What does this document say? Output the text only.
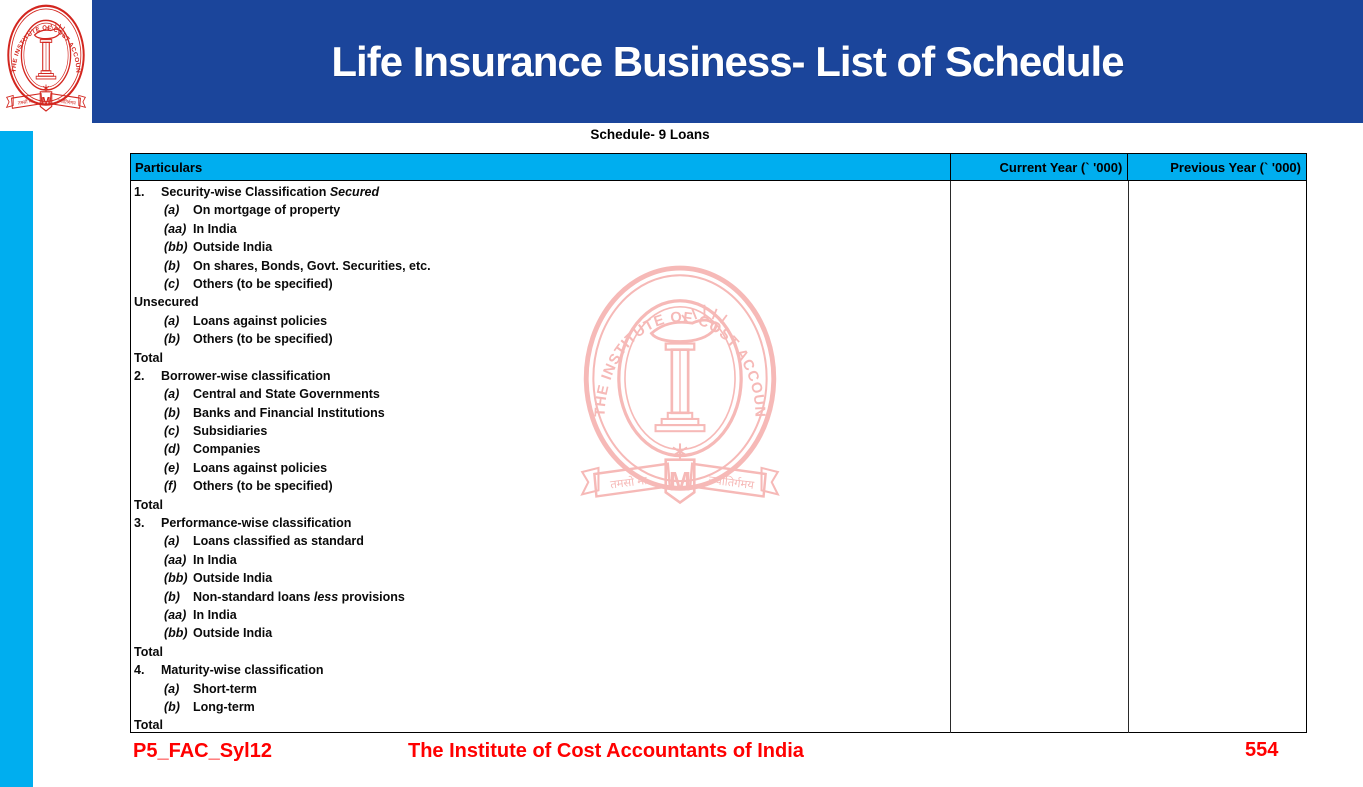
Life Insurance Business- List of Schedule
Schedule- 9 Loans
Particulars	Current Year (` '000)	Previous Year (` '000)
1. Security-wise Classification Secured
(a) On mortgage of property
(aa) In India
(bb) Outside India
(b) On shares, Bonds, Govt. Securities, etc.
(c) Others (to be specified)
Unsecured
(a) Loans against policies
(b) Others (to be specified)
Total
2. Borrower-wise classification
(a) Central and State Governments
(b) Banks and Financial Institutions
(c) Subsidiaries
(d) Companies
(e) Loans against policies
(f) Others (to be specified)
Total
3. Performance-wise classification
(a) Loans classified as standard
(aa) In India
(bb) Outside India
(b) Non-standard loans less provisions
(aa) In India
(bb) Outside India
Total
4. Maturity-wise classification
(a) Short-term
(b) Long-term
Total
P5_FAC_Syl12	The Institute of Cost Accountants of India	554
